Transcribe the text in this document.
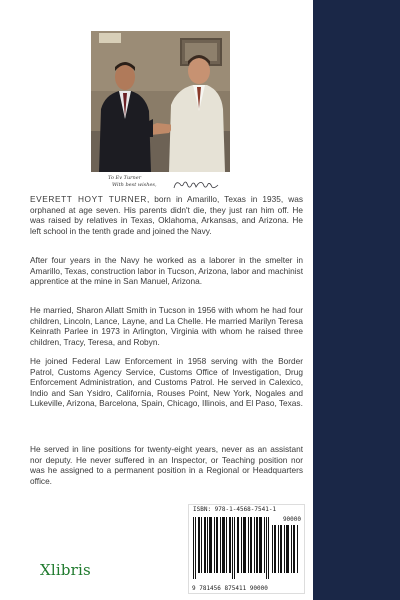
To Ev Turner
With best wishes,

EVERETT HOYT TURNER, born in Amarillo, Texas in 1935, was orphaned at age seven. His parents didn't die, they just ran him off. He was raised by relatives in Texas, Oklahoma, Arkansas, and Arizona. He left school in the tenth grade and joined the Navy.

After four years in the Navy he worked as a laborer in the smelter in Amarillo, Texas, construction labor in Tucson, Arizona, labor and machinist apprentice at the mine in San Manuel, Arizona.

He married, Sharon Allatt Smith in Tucson in 1956 with whom he had four children, Lincoln, Lance, Layne, and La Chelle. He married Marilyn Teresa Keinrath Parlee in 1973 in Arlington, Virginia with whom he raised three children, Tracy, Teresa, and Robyn.

He joined Federal Law Enforcement in 1958 serving with the Border Patrol, Customs Agency Service, Customs Office of Investigation, Drug Enforcement Administration, and Customs Patrol. He served in Calexico, Indio and San Ysidro, California, Rouses Point, New York, Nogales and Lukeville, Arizona, Barcelona, Spain, Chicago, Illinois, and El Paso, Texas.

He served in line positions for twenty-eight years, never as an assistant nor deputy. He never suffered in an Inspector, or Teaching position nor was he assigned to a permanent position in a Regional or Headquarters office.

Xlibris
ISBN: 978-1-4568-7541-1
90000
9 781456 875411 90000
